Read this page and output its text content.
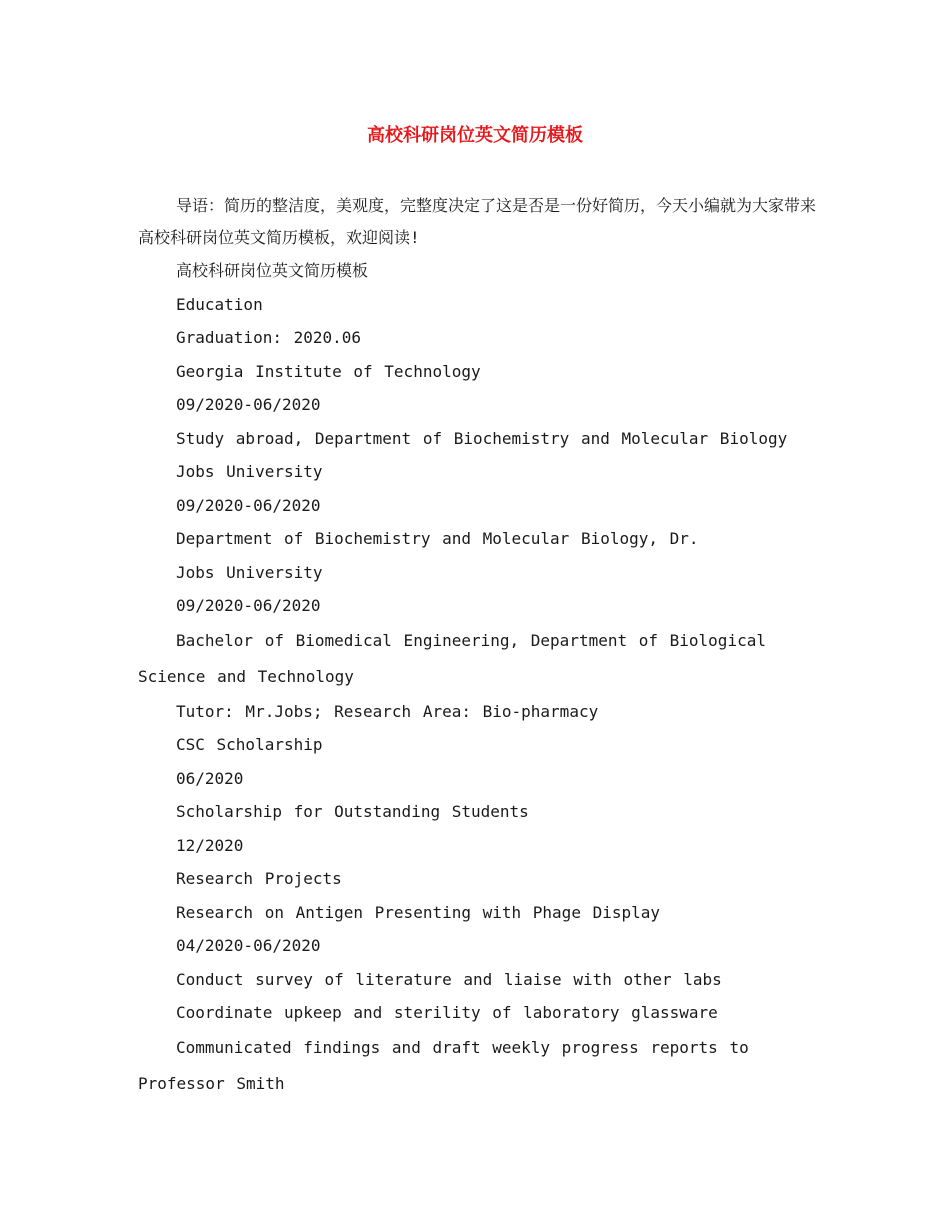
高校科研岗位英文简历模板

导语：简历的整洁度，美观度，完整度决定了这是否是一份好简历，今天小编就为大家带来高校科研岗位英文简历模板，欢迎阅读!

高校科研岗位英文简历模板

Education

Graduation: 2020.06

Georgia Institute of Technology

09/2020-06/2020

Study abroad, Department of Biochemistry and Molecular Biology

Jobs University

09/2020-06/2020

Department of Biochemistry and Molecular Biology, Dr.

Jobs University

09/2020-06/2020

Bachelor of Biomedical Engineering, Department of Biological Science and Technology

Tutor: Mr.Jobs; Research Area: Bio-pharmacy

CSC Scholarship

06/2020

Scholarship for Outstanding Students

12/2020

Research Projects

Research on Antigen Presenting with Phage Display

04/2020-06/2020

Conduct survey of literature and liaise with other labs

Coordinate upkeep and sterility of laboratory glassware

Communicated findings and draft weekly progress reports to Professor Smith
